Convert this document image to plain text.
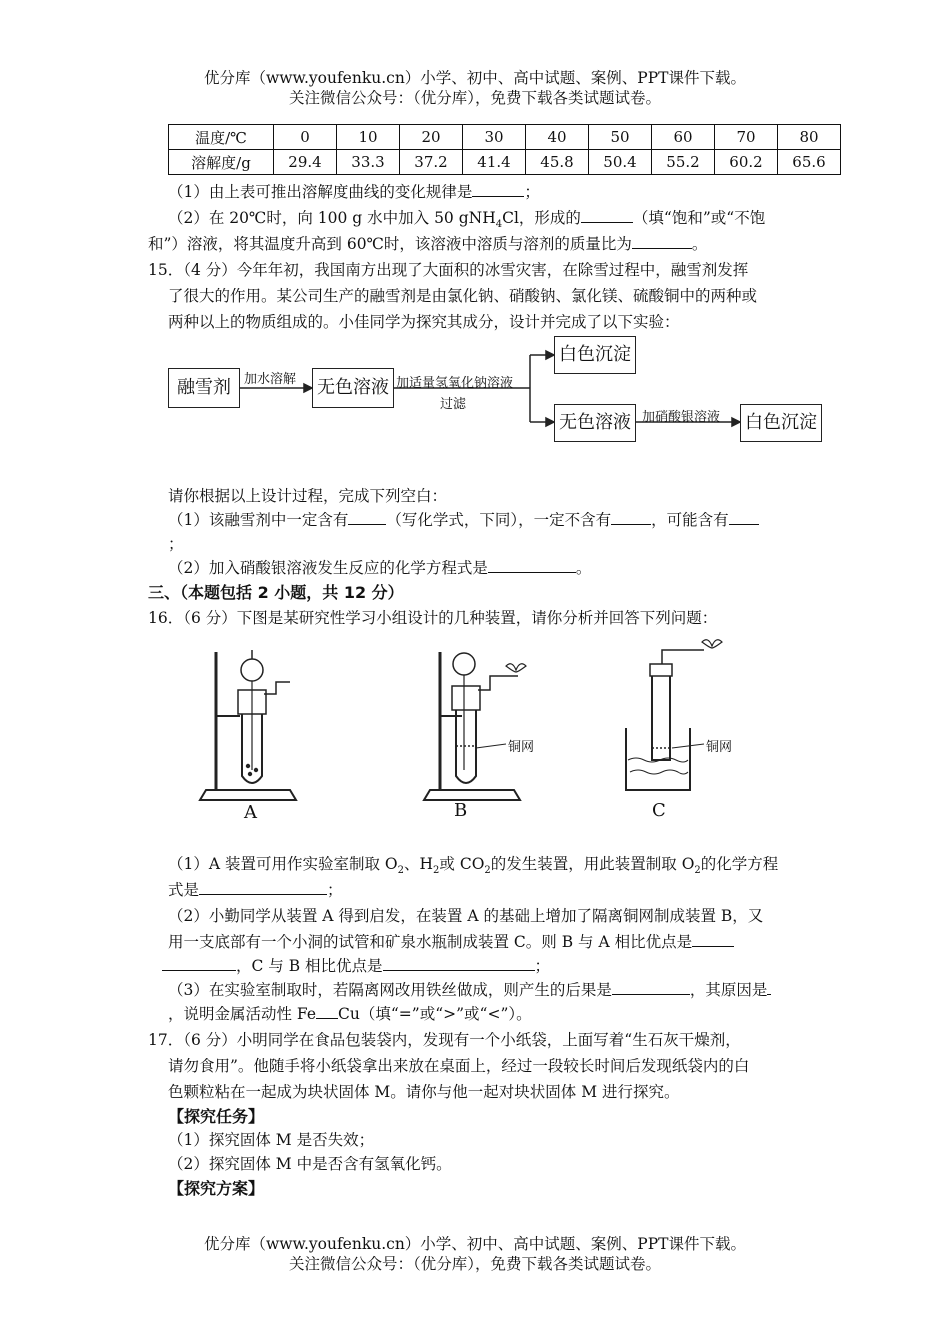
优分库（www.youfenku.cn）小学、初中、高中试题、案例、PPT课件下载。
关注微信公众号：（优分库），免费下载各类试题试卷。
温度/℃	0	10	20	30	40	50	60	70	80
溶解度/g	29.4	33.3	37.2	41.4	45.8	50.4	55.2	60.2	65.6
（1）由上表可推出溶解度曲线的变化规律是	；
（2）在 20℃时，向 100 g 水中加入 50 gNH$_4$Cl，形成的	（填“饱和”或“不饱
和”）溶液，将其温度升高到 60℃时，该溶液中溶质与溶剂的质量比为	。
15．（4 分）今年年初，我国南方出现了大面积的冰雪灾害，在除雪过程中，融雪剂发挥
了很大的作用。某公司生产的融雪剂是由氯化钠、硝酸钠、氯化镁、硫酸铜中的两种或
两种以上的物质组成的。小佳同学为探究其成分，设计并完成了以下实验：
融雪剂	加水溶解 无色溶液 加适量氢氧化钠溶液
过滤
白色沉淀
无色溶液 加硝酸银溶液 白色沉淀
请你根据以上设计过程，完成下列空白：
（1）该融雪剂中一定含有 （写化学式，下同），一定不含有	，可能含有
；
（2）加入硝酸银溶液发生反应的化学方程式是	。
三、（本题包括 2 小题，共 12 分）
16．（6 分）下图是某研究性学习小组设计的几种装置，请你分析并回答下列问题：
A	B	C
铜网	铜网
（1）A 装置可用作实验室制取 $O_2$、$H_2$或 $CO_2$的发生装置，用此装置制取 $O_2$的化学方程
式是	；
（2）小勤同学从装置 A 得到启发，在装置 A 的基础上增加了隔离铜网制成装置 B，又
用一支底部有一个小洞的试管和矿泉水瓶制成装置 C。则 B 与 A 相比优点是
，C 与 B 相比优点是	；
（3）在实验室制取时，若隔离网改用铁丝做成，则产生的后果是	，其原因是
，说明金属活动性 Fe Cu（填“=”或“>”或“<”）。
17．（6 分）小明同学在食品包装袋内，发现有一个小纸袋，上面写着“生石灰干燥剂，
请勿食用”。他随手将小纸袋拿出来放在桌面上，经过一段较长时间后发现纸袋内的白
色颗粒粘在一起成为块状固体 M。请你与他一起对块状固体 M 进行探究。
【探究任务】
（1）探究固体 M 是否失效；
（2）探究固体 M 中是否含有氢氧化钙。
【探究方案】
优分库（www.youfenku.cn）小学、初中、高中试题、案例、PPT课件下载。
关注微信公众号：（优分库），免费下载各类试题试卷。
